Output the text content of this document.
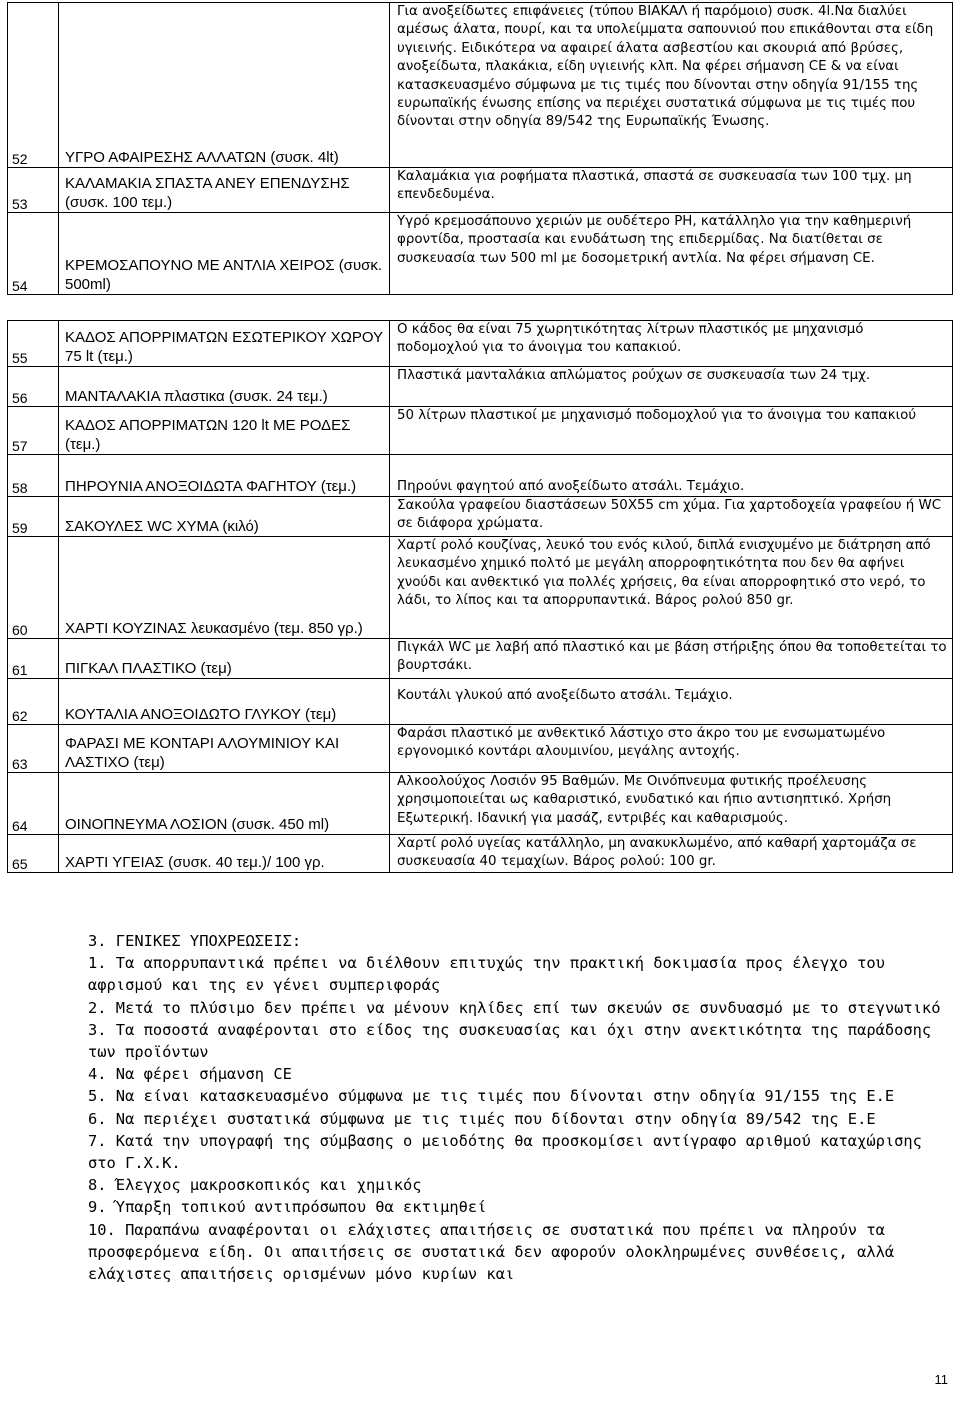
52	ΥΓΡΟ ΑΦΑΙΡΕΣΗΣ ΑΛΛΑΤΩΝ (συσκ. 4lt)	Για ανοξείδωτες επιφάνειες (τύπου ΒΙΑΚΑΛ ή παρόμοιο) συσκ. 4l.Να διαλύει αμέσως άλατα, πουρί, και τα υπολείμματα σαπουνιού που επικάθονται στα είδη υγιεινής. Ειδικότερα να αφαιρεί άλατα ασβεστίου και σκουριά από βρύσες, ανοξείδωτα, πλακάκια, είδη υγιεινής κλπ. Να φέρει σήμανση CE & να είναι κατασκευασμένο σύμφωνα με τις τιμές που δίνονται στην οδηγία 91/155 της ευρωπαϊκής ένωσης επίσης να περιέχει συστατικά σύμφωνα με τις τιμές που δίνονται στην οδηγία 89/542 της Ευρωπαϊκής Ένωσης.
53	ΚΑΛΑΜΑΚΙΑ ΣΠΑΣΤΑ ΑΝΕΥ ΕΠΕΝΔΥΣΗΣ (συσκ. 100 τεμ.)	Καλαμάκια για ροφήματα πλαστικά, σπαστά σε συσκευασία των 100 τμχ. μη επενδεδυμένα.
54	ΚΡΕΜΟΣΑΠΟΥΝΟ ΜΕ ΑΝΤΛΙΑ ΧΕΙΡΟΣ (συσκ. 500ml)	Υγρό κρεμοσάπουνο χεριών με ουδέτερο PH, κατάλληλο για την καθημερινή φροντίδα, προστασία και ενυδάτωση της επιδερμίδας. Να διατίθεται σε συσκευασία των 500 ml με δοσομετρική αντλία. Να φέρει σήμανση CE.
55	ΚΑΔΟΣ ΑΠΟΡΡΙΜΑΤΩΝ ΕΣΩΤΕΡΙΚΟΥ ΧΩΡΟΥ 75 lt (τεμ.)	Ο κάδος θα είναι 75 χωρητικότητας λίτρων πλαστικός με μηχανισμό ποδομοχλού για το άνοιγμα του καπακιού.
56	ΜΑΝΤΑΛΑΚΙΑ πλαστικα (συσκ. 24 τεμ.)	Πλαστικά μανταλάκια απλώματος ρούχων σε συσκευασία των 24 τμχ.
57	ΚΑΔΟΣ ΑΠΟΡΡΙΜΑΤΩΝ 120 lt ΜΕ ΡΟΔΕΣ (τεμ.)	50 λίτρων πλαστικοί με μηχανισμό ποδομοχλού για το άνοιγμα του καπακιού
58	ΠΗΡΟΥΝΙΑ ΑΝΟΞΟΙΔΩΤΑ ΦΑΓΗΤΟΥ (τεμ.)	Πηρούνι φαγητού από ανοξείδωτο ατσάλι. Τεμάχιο.
59	ΣΑΚΟΥΛΕΣ WC ΧΥΜΑ (κιλό)	Σακούλα γραφείου διαστάσεων 50Χ55 cm χύμα. Για χαρτοδοχεία γραφείου ή WC σε διάφορα χρώματα.
60	ΧΑΡΤΙ ΚΟΥΖΙΝΑΣ λευκασμένο (τεμ. 850 γρ.)	Χαρτί ρολό κουζίνας, λευκό του ενός κιλού, διπλά ενισχυμένο με διάτρηση από λευκασμένο χημικό πολτό με μεγάλη απορροφητικότητα που δεν θα αφήνει χνούδι και ανθεκτικό για πολλές χρήσεις, θα είναι απορροφητικό στο νερό, το λάδι, το λίπος και τα απορρυπαντικά. Βάρος ρολού 850 gr.
61	ΠΙΓΚΑΛ ΠΛΑΣΤΙΚΟ (τεμ)	Πιγκάλ WC με λαβή από πλαστικό και με βάση στήριξης όπου θα τοποθετείται το βουρτσάκι.
62	ΚΟΥΤΑΛΙΑ ΑΝΟΞΟΙΔΩΤΟ ΓΛΥΚΟΥ (τεμ)	Κουτάλι γλυκού από ανοξείδωτο ατσάλι. Τεμάχιο.
63	ΦΑΡΑΣΙ ΜΕ ΚΟΝΤΑΡΙ ΑΛΟΥΜΙΝΙΟΥ ΚΑΙ ΛΑΣΤΙΧΟ (τεμ)	Φαράσι πλαστικό με ανθεκτικό λάστιχο στο άκρο του με ενσωματωμένο εργονομικό κοντάρι αλουμινίου, μεγάλης αντοχής.
64	ΟΙΝΟΠΝΕΥΜΑ ΛΟΣΙΟΝ (συσκ. 450 ml)	Αλκοολούχος Λοσιόν 95 Βαθμών. Με Οινόπνευμα φυτικής προέλευσης χρησιμοποιείται ως καθαριστικό, ενυδατικό και ήπιο αντισηπτικό. Χρήση Εξωτερική. Ιδανική για μασάζ, εντριβές και καθαρισμούς.
65	ΧΑΡΤΙ ΥΓΕΙΑΣ (συσκ. 40 τεμ.)/ 100 γρ.	Χαρτί ρολό υγείας κατάλληλο, μη ανακυκλωμένο, από καθαρή χαρτομάζα σε συσκευασία 40 τεμαχίων. Βάρος ρολού: 100 gr.
3. ΓΕΝΙΚΕΣ ΥΠΟΧΡΕΩΣΕΙΣ:
1. Τα απορρυπαντικά πρέπει να διέλθουν επιτυχώς την πρακτική δοκιμασία προς έλεγχο του αφρισμού και της εν γένει συμπεριφοράς
2. Μετά το πλύσιμο δεν πρέπει να μένουν κηλίδες επί των σκευών σε συνδυασμό με το στεγνωτικό
3. Τα ποσοστά αναφέρονται στο είδος της συσκευασίας και όχι στην ανεκτικότητα της παράδοσης των προϊόντων
4. Να φέρει σήμανση CE
5. Να είναι κατασκευασμένο σύμφωνα με τις τιμές που δίνονται στην οδηγία 91/155 της Ε.Ε
6. Να περιέχει συστατικά σύμφωνα με τις τιμές που δίδονται στην οδηγία 89/542 της Ε.Ε
7. Κατά την υπογραφή της σύμβασης ο μειοδότης θα προσκομίσει αντίγραφο αριθμού καταχώρισης στο Γ.Χ.Κ.
8. Έλεγχος μακροσκοπικός και χημικός
9. Ύπαρξη τοπικού αντιπρόσωπου θα εκτιμηθεί
10. Παραπάνω αναφέρονται οι ελάχιστες απαιτήσεις σε συστατικά που πρέπει να πληρούν τα προσφερόμενα είδη. Οι απαιτήσεις σε συστατικά δεν αφορούν ολοκληρωμένες συνθέσεις, αλλά ελάχιστες απαιτήσεις ορισμένων μόνο κυρίων και
11
